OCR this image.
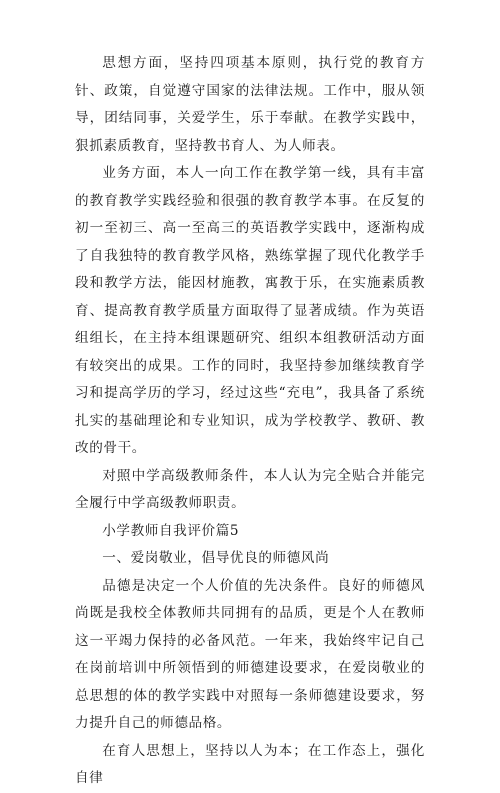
思想方面，坚持四项基本原则，执行党的教育方针、政策，自觉遵守国家的法律法规。工作中，服从领导，团结同事，关爱学生，乐于奉献。在教学实践中，狠抓素质教育，坚持教书育人、为人师表。

业务方面，本人一向工作在教学第一线，具有丰富的教育教学实践经验和很强的教育教学本事。在反复的初一至初三、高一至高三的英语教学实践中，逐渐构成了自我独特的教育教学风格，熟练掌握了现代化教学手段和教学方法，能因材施教，寓教于乐，在实施素质教育、提高教育教学质量方面取得了显著成绩。作为英语组组长，在主持本组课题研究、组织本组教研活动方面有较突出的成果。工作的同时，我坚持参加继续教育学习和提高学历的学习，经过这些“充电”，我具备了系统扎实的基础理论和专业知识，成为学校教学、教研、教改的骨干。

对照中学高级教师条件，本人认为完全贴合并能完全履行中学高级教师职责。

小学教师自我评价篇5

一、爱岗敬业，倡导优良的师德风尚

品德是决定一个人价值的先决条件。良好的师德风尚既是我校全体教师共同拥有的品质，更是个人在教师这一平竭力保持的必备风范。一年来，我始终牢记自己在岗前培训中所领悟到的师德建设要求，在爱岗敬业的总思想的体的教学实践中对照每一条师德建设要求，努力提升自己的师德品格。

在育人思想上，坚持以人为本；在工作态上，强化自律
